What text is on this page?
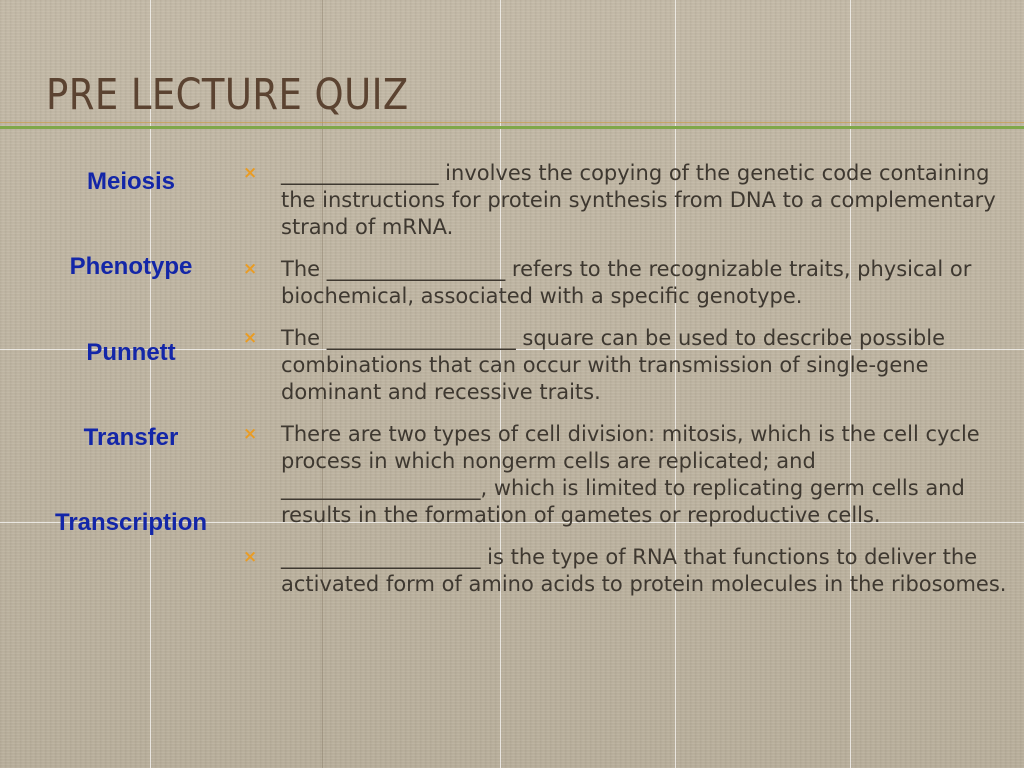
PRE LECTURE QUIZ
Meiosis
Phenotype
Punnett
Transfer
Transcription
× _______________ involves the copying of the genetic code containing the instructions for protein synthesis from DNA to a complementary strand of mRNA.
× The _________________ refers to the recognizable traits, physical or biochemical, associated with a specific genotype.
× The __________________ square can be used to describe possible combinations that can occur with transmission of single-gene dominant and recessive traits.
× There are two types of cell division: mitosis, which is the cell cycle process in which nongerm cells are replicated; and ___________________, which is limited to replicating germ cells and results in the formation of gametes or reproductive cells.
× ___________________ is the type of RNA that functions to deliver the activated form of amino acids to protein molecules in the ribosomes.
